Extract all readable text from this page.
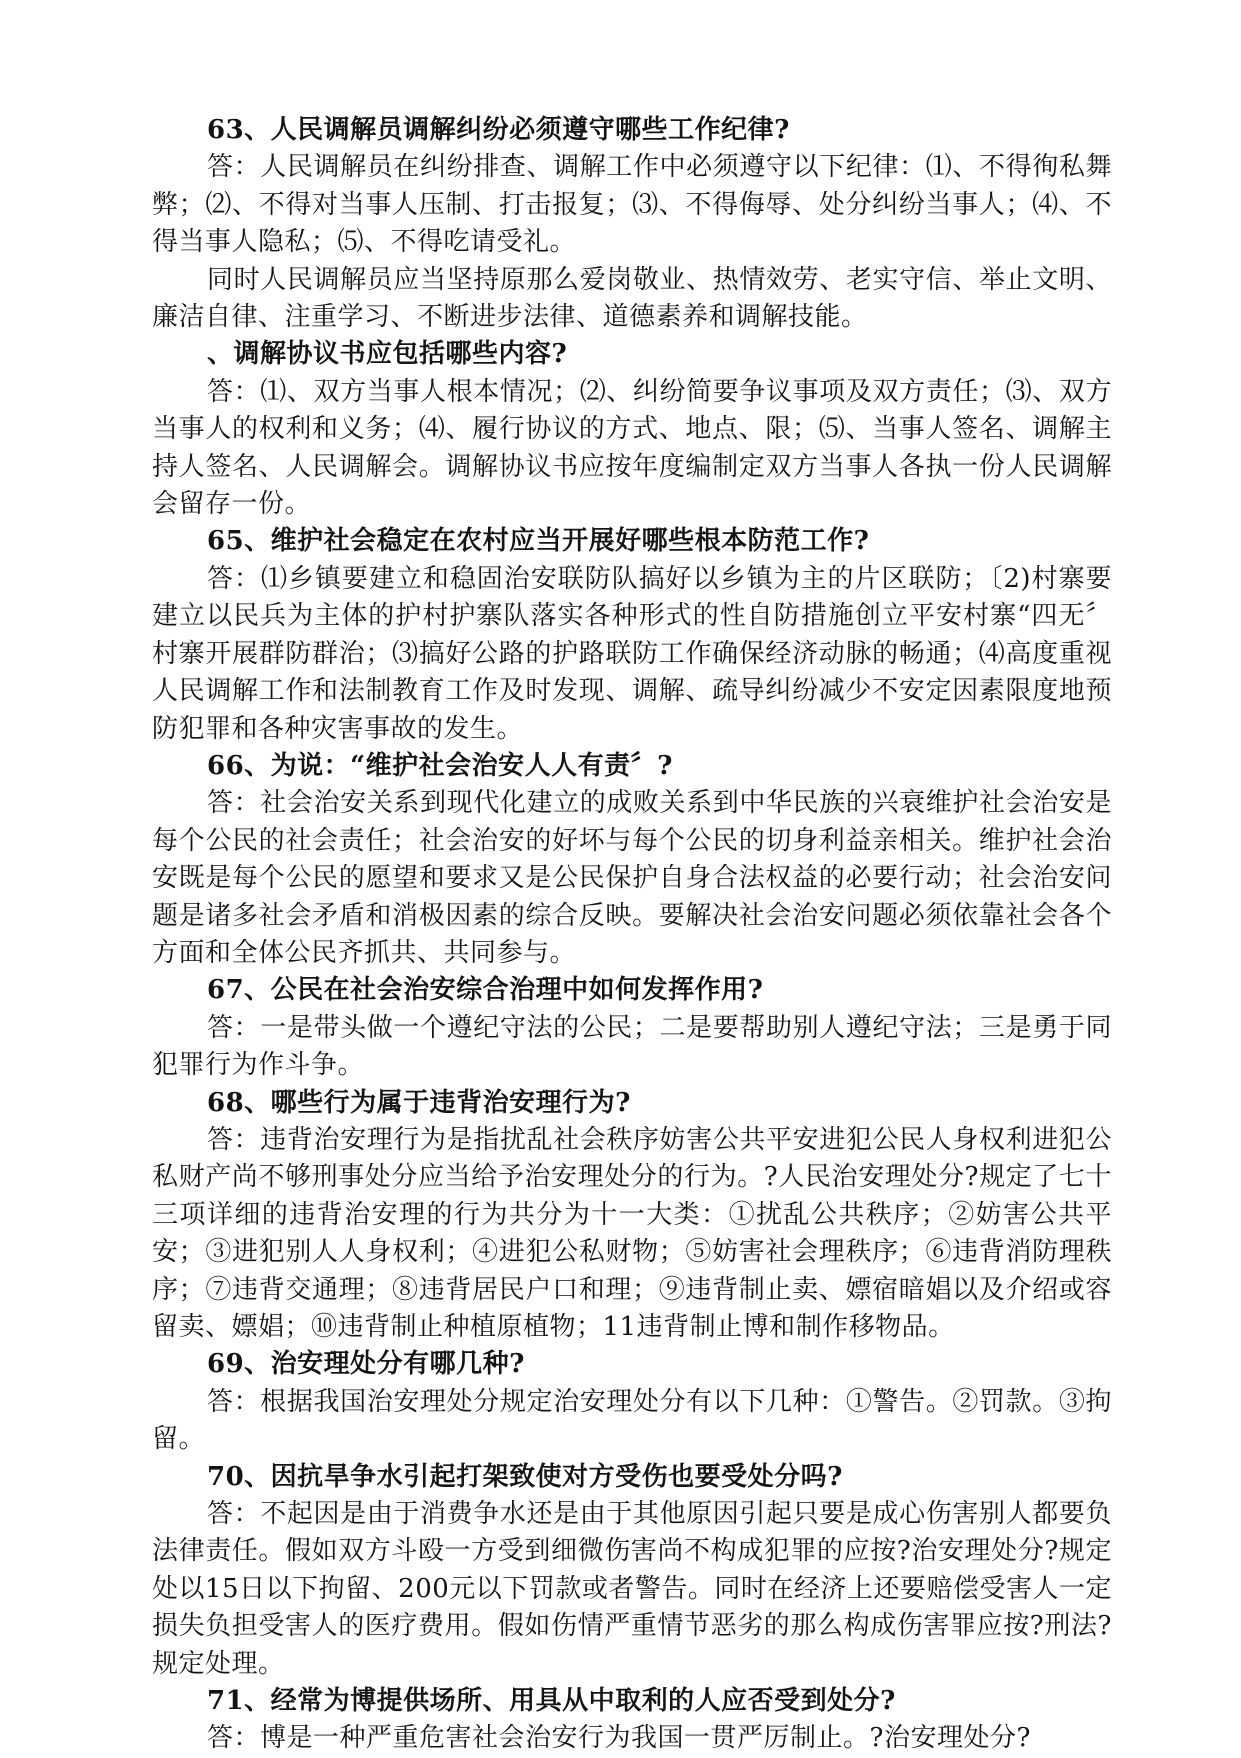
63、人民调解员调解纠纷必须遵守哪些工作纪律?

答：人民调解员在纠纷排查、调解工作中必须遵守以下纪律：⑴、不得徇私舞弊；⑵、不得对当事人压制、打击报复；⑶、不得侮辱、处分纠纷当事人；⑷、不得当事人隐私；⑸、不得吃请受礼。

同时人民调解员应当坚持原那么爱岗敬业、热情效劳、老实守信、举止文明、廉洁自律、注重学习、不断进步法律、道德素养和调解技能。

、调解协议书应包括哪些内容?

答：⑴、双方当事人根本情况；⑵、纠纷简要争议事项及双方责任；⑶、双方当事人的权利和义务；⑷、履行协议的方式、地点、限；⑸、当事人签名、调解主持人签名、人民调解会。调解协议书应按年度编制定双方当事人各执一份人民调解会留存一份。

65、维护社会稳定在农村应当开展好哪些根本防范工作?

答：⑴乡镇要建立和稳固治安联防队搞好以乡镇为主的片区联防；〔2)村寨要建立以民兵为主体的护村护寨队落实各种形式的性自防措施创立平安村寨“四无〞村寨开展群防群治；⑶搞好公路的护路联防工作确保经济动脉的畅通；⑷高度重视人民调解工作和法制教育工作及时发现、调解、疏导纠纷减少不安定因素限度地预防犯罪和各种灾害事故的发生。

66、为说：“维护社会治安人人有责〞?

答：社会治安关系到现代化建立的成败关系到中华民族的兴衰维护社会治安是每个公民的社会责任；社会治安的好坏与每个公民的切身利益亲相关。维护社会治安既是每个公民的愿望和要求又是公民保护自身合法权益的必要行动；社会治安问题是诸多社会矛盾和消极因素的综合反映。要解决社会治安问题必须依靠社会各个方面和全体公民齐抓共、共同参与。

67、公民在社会治安综合治理中如何发挥作用?

答：一是带头做一个遵纪守法的公民；二是要帮助别人遵纪守法；三是勇于同犯罪行为作斗争。

68、哪些行为属于违背治安理行为?

答：违背治安理行为是指扰乱社会秩序妨害公共平安进犯公民人身权利进犯公私财产尚不够刑事处分应当给予治安理处分的行为。?人民治安理处分?规定了七十三项详细的违背治安理的行为共分为十一大类：①扰乱公共秩序；②妨害公共平安；③进犯别人人身权利；④进犯公私财物；⑤妨害社会理秩序；⑥违背消防理秩序；⑦违背交通理；⑧违背居民户口和理；⑨违背制止卖、嫖宿暗娼以及介绍或容留卖、嫖娼；⑩违背制止种植原植物；11违背制止博和制作移物品。

69、治安理处分有哪几种?

答：根据我国治安理处分规定治安理处分有以下几种：①警告。②罚款。③拘留。

70、因抗旱争水引起打架致使对方受伤也要受处分吗?

答：不起因是由于消费争水还是由于其他原因引起只要是成心伤害别人都要负法律责任。假如双方斗殴一方受到细微伤害尚不构成犯罪的应按?治安理处分?规定处以15日以下拘留、200元以下罚款或者警告。同时在经济上还要赔偿受害人一定损失负担受害人的医疗费用。假如伤情严重情节恶劣的那么构成伤害罪应按?刑法?规定处理。

71、经常为博提供场所、用具从中取利的人应否受到处分?

答：博是一种严重危害社会治安行为我国一贯严厉制止。?治安理处分?
